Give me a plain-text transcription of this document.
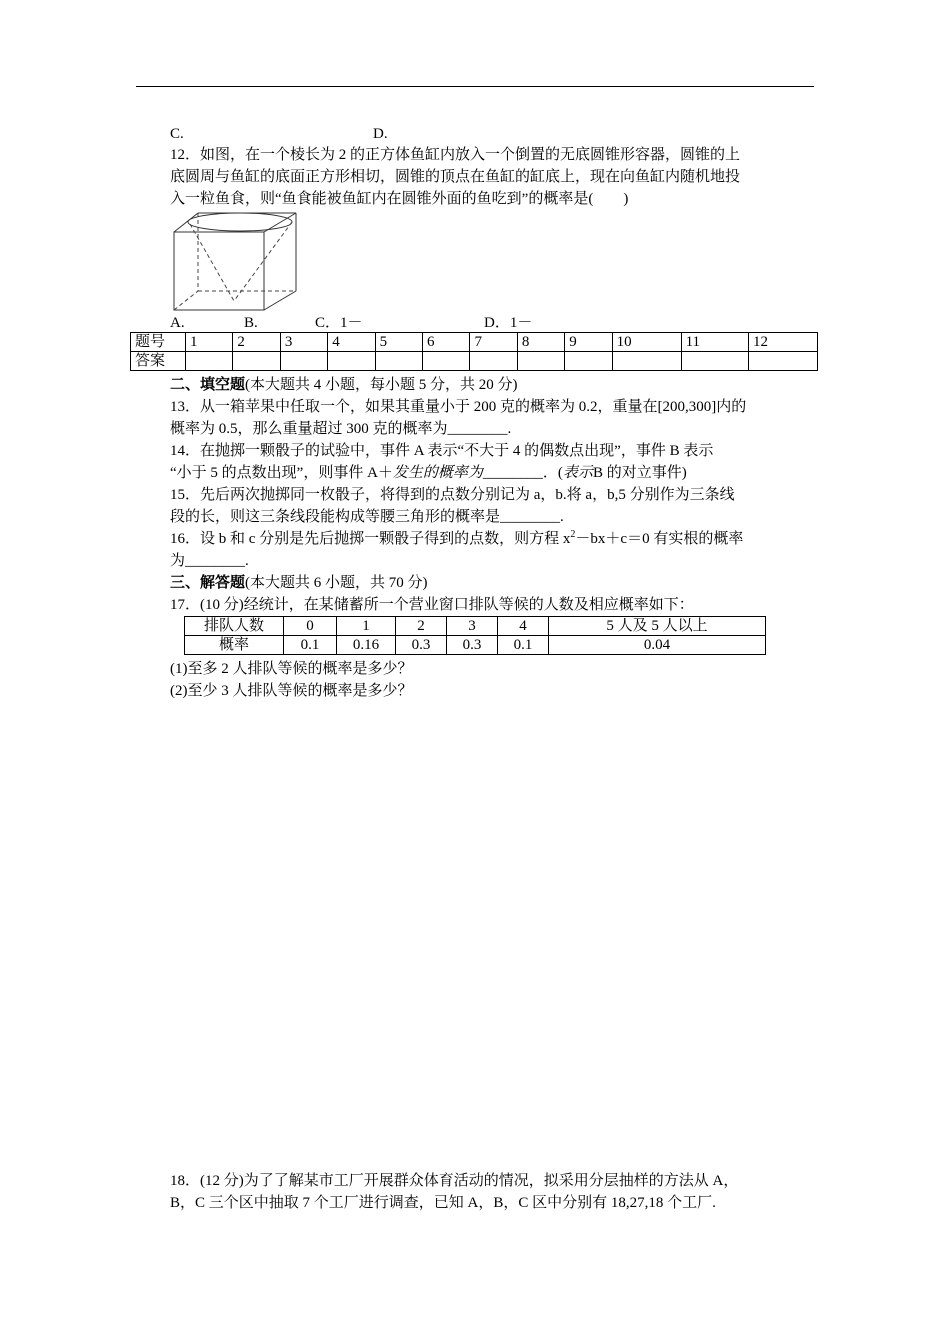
C.	D.
12．如图，在一个棱长为 2 的正方体鱼缸内放入一个倒置的无底圆锥形容器，圆锥的上
底圆周与鱼缸的底面正方形相切，圆锥的顶点在鱼缸的缸底上，现在向鱼缸内随机地投
入一粒鱼食，则“鱼食能被鱼缸内在圆锥外面的鱼吃到”的概率是(　　)
A.	B.	C．1－	D．1－
题号	1	2	3	4	5	6	7	8	9	10	11	12
答案												
二、填空题(本大题共 4 小题，每小题 5 分，共 20 分)
13．从一箱苹果中任取一个，如果其重量小于 200 克的概率为 0.2，重量在[200,300]内的
概率为 0.5，那么重量超过 300 克的概率为________.
14．在抛掷一颗骰子的试验中，事件 A 表示“不大于 4 的偶数点出现”，事件 B 表示
“小于 5 的点数出现”，则事件 A＋发生的概率为________．(表示B 的对立事件)
15．先后两次抛掷同一枚骰子，将得到的点数分别记为 a，b.将 a，b,5 分别作为三条线
段的长，则这三条线段能构成等腰三角形的概率是________.
16．设 b 和 c 分别是先后抛掷一颗骰子得到的点数，则方程 $x^2-bx+c=0$ 有实根的概率
为________.
三、解答题(本大题共 6 小题，共 70 分)
17．(10 分)经统计，在某储蓄所一个营业窗口排队等候的人数及相应概率如下：
排队人数	0	1	2	3	4	5 人及 5 人以上
概率	0.1	0.16	0.3	0.3	0.1	0.04
(1)至多 2 人排队等候的概率是多少？
(2)至少 3 人排队等候的概率是多少？
18．(12 分)为了了解某市工厂开展群众体育活动的情况，拟采用分层抽样的方法从 A，
B，C 三个区中抽取 7 个工厂进行调查，已知 A，B，C 区中分别有 18,27,18 个工厂.
